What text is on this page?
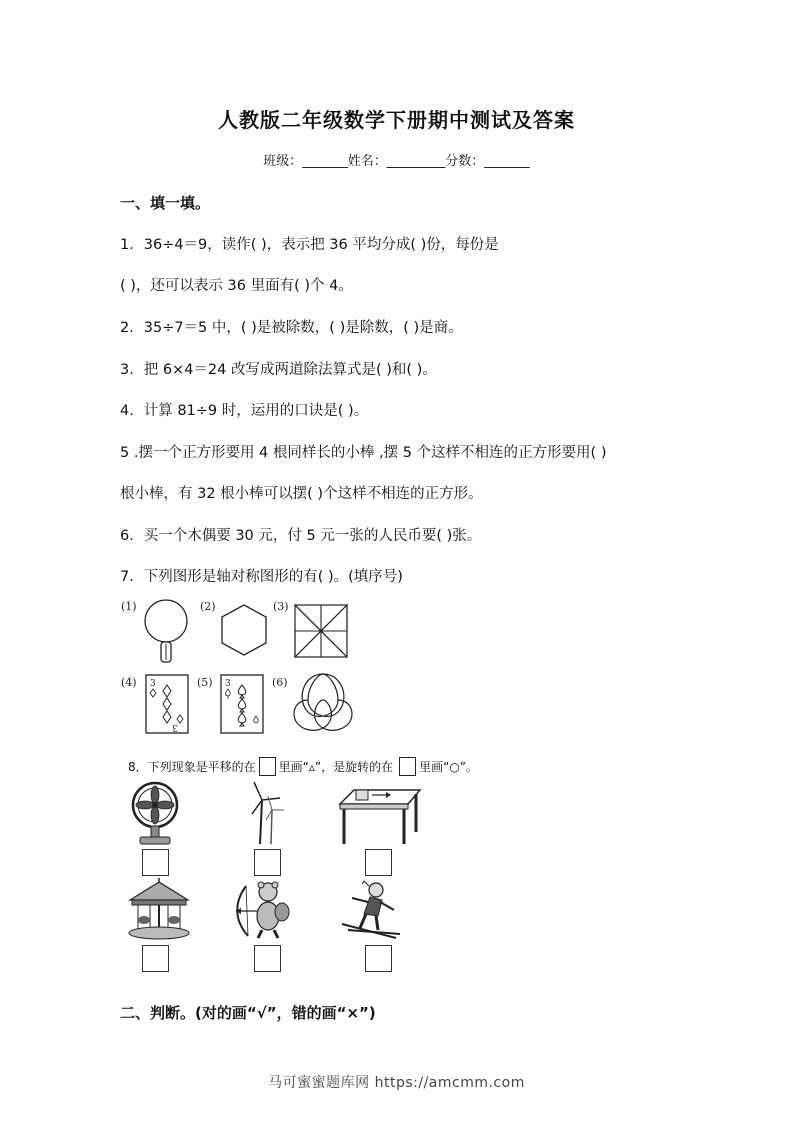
人教版二年级数学下册期中测试及答案
班级：_______姓名：_________分数：_______
一、填一填。
1．36÷4＝9，读作( )，表示把 36 平均分成( )份，每份是
( )，还可以表示 36 里面有( )个 4。
2．35÷7＝5 中，( )是被除数，( )是除数，( )是商。
3．把 6×4＝24 改写成两道除法算式是( )和( )。
4．计算 81÷9 时，运用的口诀是( )。
5 .摆一个正方形要用 4 根同样长的小棒 ,摆 5 个这样不相连的正方形要用( )
根小棒，有 32 根小棒可以摆( )个这样不相连的正方形。
6．买一个木偶要 30 元，付 5 元一张的人民币要( )张。
7．下列图形是轴对称图形的有( )。(填序号)
(1)	(2)	(3)
(4) 3
3
(5) 3	(6)
8．下列现象是平移的在 里画“▵”，是旋转的在 里画“○”。
二、判断。(对的画“√”，错的画“×”)
马可蜜蜜题库网 https://amcmm.com
